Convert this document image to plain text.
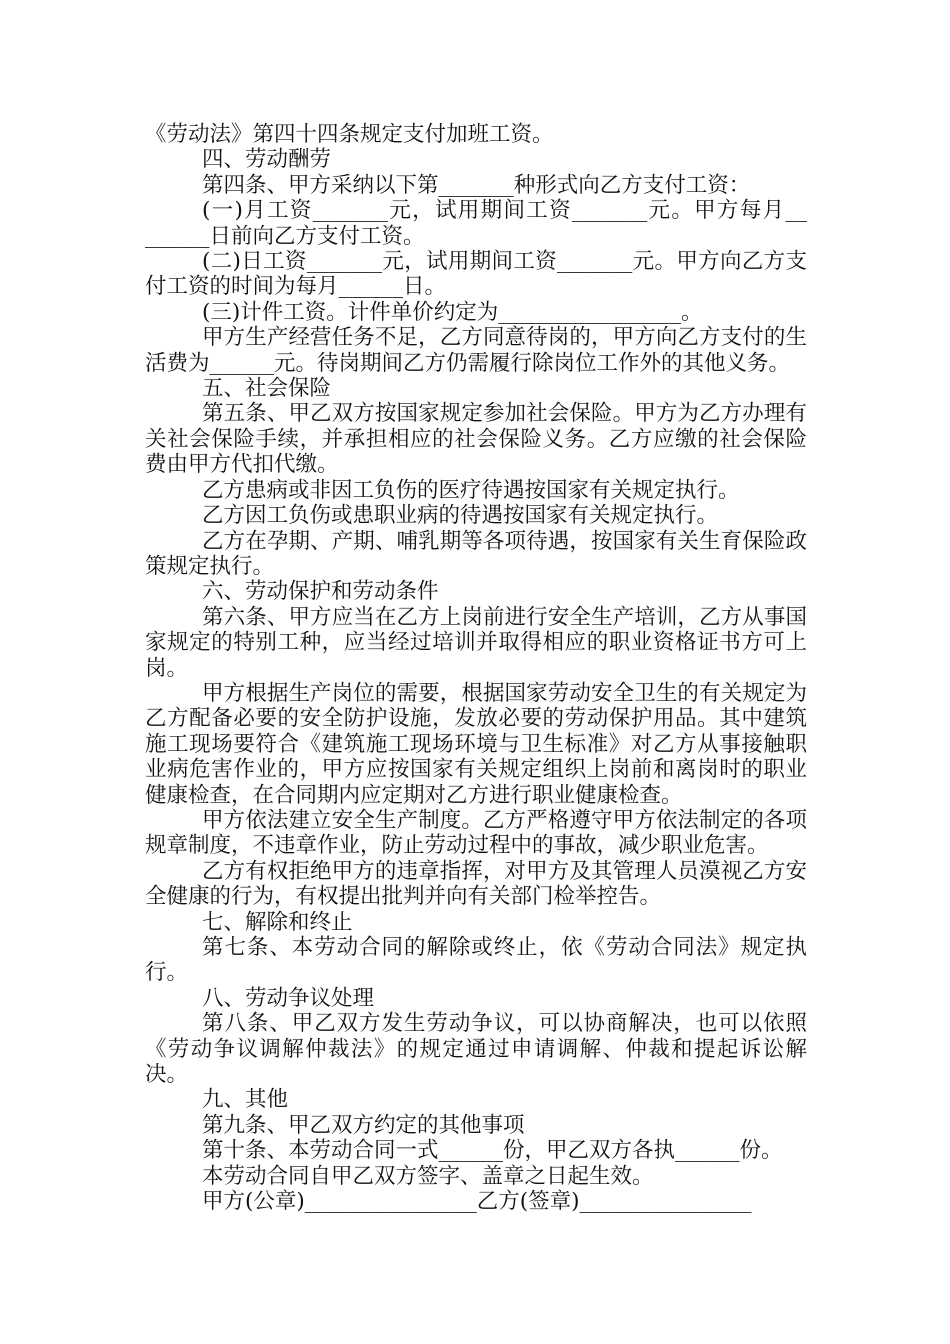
《劳动法》第四十四条规定支付加班工资。

四、劳动酬劳

第四条、甲方采纳以下第_______种形式向乙方支付工资：

(一)月工资_______元，试用期间工资_______元。甲方每月__ ______日前向乙方支付工资。

(二)日工资_______元，试用期间工资_______元。甲方向乙方支付工资的时间为每月______日。

(三)计件工资。计件单价约定为_________________。

甲方生产经营任务不足，乙方同意待岗的，甲方向乙方支付的生活费为______元。待岗期间乙方仍需履行除岗位工作外的其他义务。

五、社会保险

第五条、甲乙双方按国家规定参加社会保险。甲方为乙方办理有关社会保险手续，并承担相应的社会保险义务。乙方应缴的社会保险费由甲方代扣代缴。

乙方患病或非因工负伤的医疗待遇按国家有关规定执行。

乙方因工负伤或患职业病的待遇按国家有关规定执行。

乙方在孕期、产期、哺乳期等各项待遇，按国家有关生育保险政策规定执行。

六、劳动保护和劳动条件

第六条、甲方应当在乙方上岗前进行安全生产培训，乙方从事国家规定的特别工种，应当经过培训并取得相应的职业资格证书方可上岗。

甲方根据生产岗位的需要，根据国家劳动安全卫生的有关规定为乙方配备必要的安全防护设施，发放必要的劳动保护用品。其中建筑施工现场要符合《建筑施工现场环境与卫生标准》对乙方从事接触职业病危害作业的，甲方应按国家有关规定组织上岗前和离岗时的职业健康检查，在合同期内应定期对乙方进行职业健康检查。

甲方依法建立安全生产制度。乙方严格遵守甲方依法制定的各项规章制度，不违章作业，防止劳动过程中的事故，减少职业危害。

乙方有权拒绝甲方的违章指挥，对甲方及其管理人员漠视乙方安全健康的行为，有权提出批判并向有关部门检举控告。

七、解除和终止

第七条、本劳动合同的解除或终止，依《劳动合同法》规定执行。

八、劳动争议处理

第八条、甲乙双方发生劳动争议，可以协商解决，也可以依照《劳动争议调解仲裁法》的规定通过申请调解、仲裁和提起诉讼解决。

九、其他

第九条、甲乙双方约定的其他事项

第十条、本劳动合同一式______份，甲乙双方各执______份。

本劳动合同自甲乙双方签字、盖章之日起生效。

甲方(公章)________________乙方(签章)________________
